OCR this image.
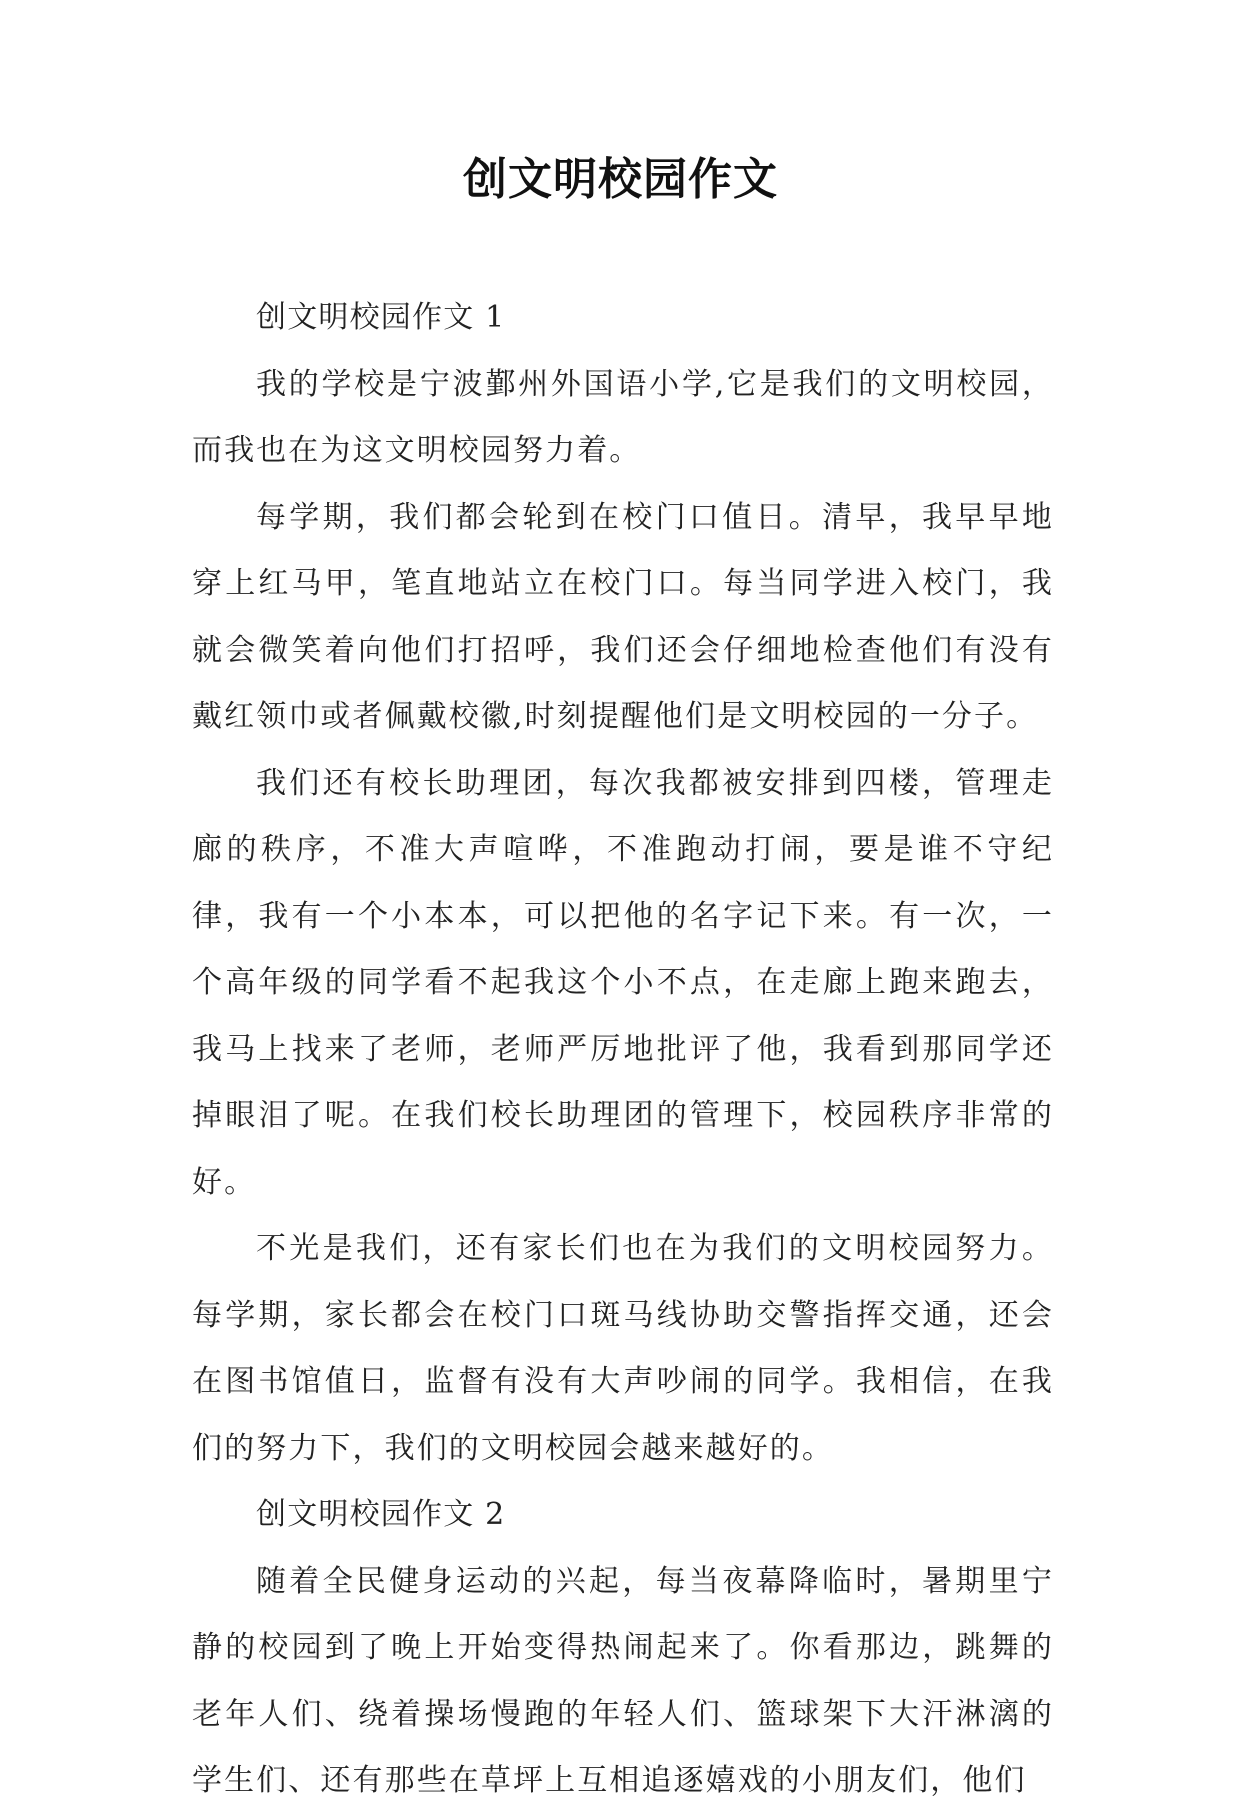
创文明校园作文

创文明校园作文 1

我的学校是宁波鄞州外国语小学,它是我们的文明校园，而我也在为这文明校园努力着。

每学期，我们都会轮到在校门口值日。清早，我早早地穿上红马甲，笔直地站立在校门口。每当同学进入校门，我就会微笑着向他们打招呼，我们还会仔细地检查他们有没有戴红领巾或者佩戴校徽,时刻提醒他们是文明校园的一分子。

我们还有校长助理团，每次我都被安排到四楼，管理走廊的秩序，不准大声喧哗，不准跑动打闹，要是谁不守纪律，我有一个小本本，可以把他的名字记下来。有一次，一个高年级的同学看不起我这个小不点，在走廊上跑来跑去，我马上找来了老师，老师严厉地批评了他，我看到那同学还掉眼泪了呢。在我们校长助理团的管理下，校园秩序非常的好。

不光是我们，还有家长们也在为我们的文明校园努力。每学期，家长都会在校门口斑马线协助交警指挥交通，还会在图书馆值日，监督有没有大声吵闹的同学。我相信，在我们的努力下，我们的文明校园会越来越好的。

创文明校园作文 2

随着全民健身运动的兴起，每当夜幕降临时，暑期里宁静的校园到了晚上开始变得热闹起来了。你看那边，跳舞的老年人们、绕着操场慢跑的年轻人们、篮球架下大汗淋漓的学生们、还有那些在草坪上互相追逐嬉戏的小朋友们，他们
